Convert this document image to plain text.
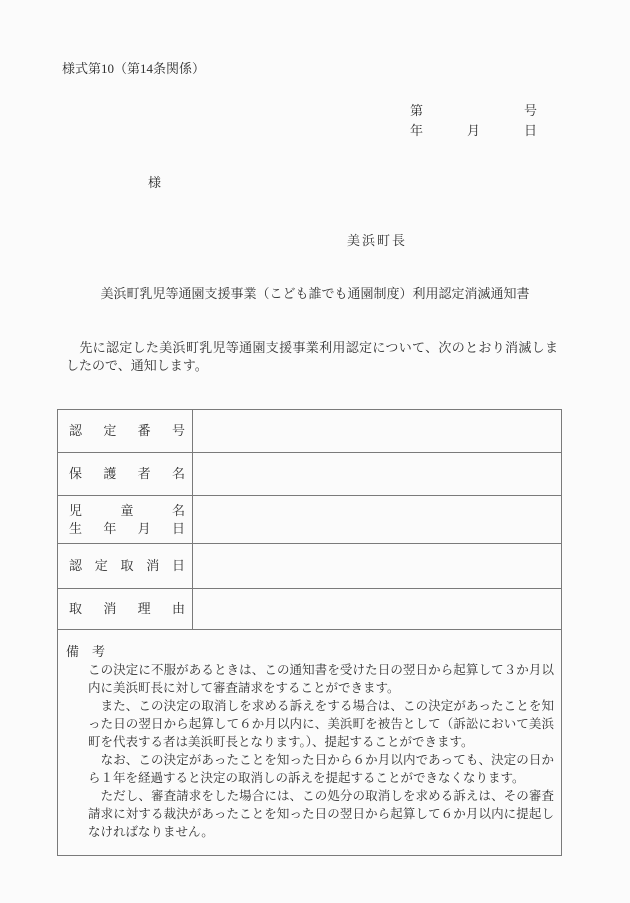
様式第10（第14条関係）
第	号
年	月	日
様
美浜町長
美浜町乳児等通園支援事業（こども誰でも通園制度）利用認定消滅通知書
　先に認定した美浜町乳児等通園支援事業利用認定について、次のとおり消滅しましたので、通知します。
認 定 番 号
保 護 者 名
児	童	名
生 年 月 日
認 定 取 消 日
取 消 理 由
備　考

この決定に不服があるときは、この通知書を受けた日の翌日から起算して３か月以内に美浜町長に対して審査請求をすることができます。

　また、この決定の取消しを求める訴えをする場合は、この決定があったことを知った日の翌日から起算して６か月以内に、美浜町を被告として（訴訟において美浜町を代表する者は美浜町長となります。）、提起することができます。

　なお、この決定があったことを知った日から６か月以内であっても、決定の日から１年を経過すると決定の取消しの訴えを提起することができなくなります。

　ただし、審査請求をした場合には、この処分の取消しを求める訴えは、その審査請求に対する裁決があったことを知った日の翌日から起算して６か月以内に提起しなければなりません。
